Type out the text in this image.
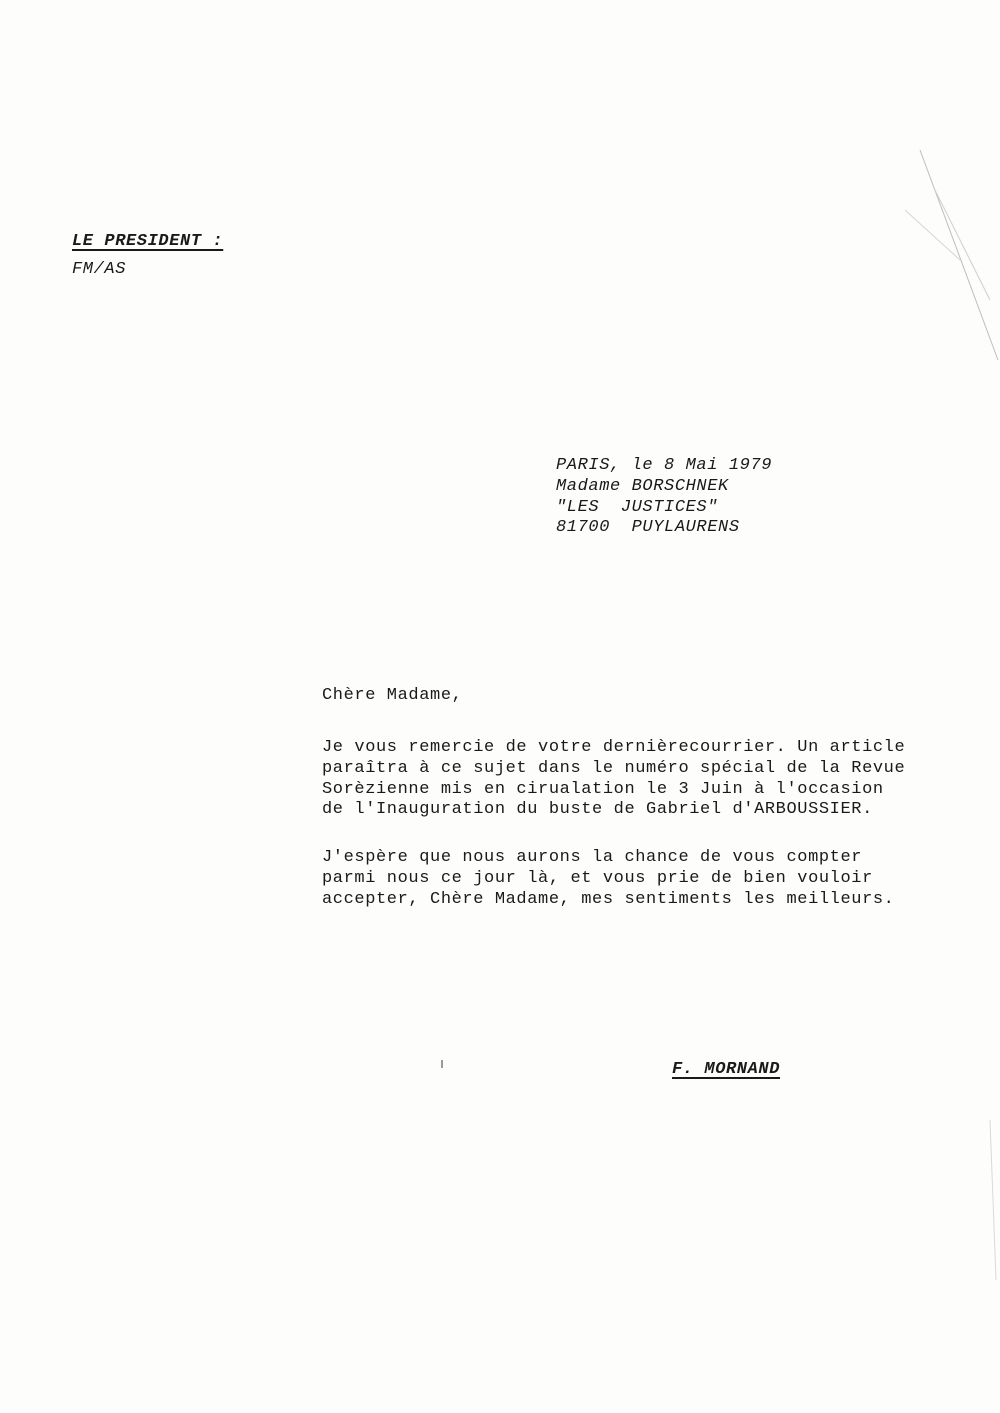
LE PRESIDENT :
FM/AS
PARIS, le 8 Mai 1979
Madame BORSCHNEK
"LES  JUSTICES"
81700  PUYLAURENS
Chère Madame,
Je vous remercie de votre dernièrecourrier. Un article
paraîtra à ce sujet dans le numéro spécial de la Revue
Sorèzienne mis en cirualation le 3 Juin à l'occasion
de l'Inauguration du buste de Gabriel d'ARBOUSSIER.
J'espère que nous aurons la chance de vous compter
parmi nous ce jour là, et vous prie de bien vouloir
accepter, Chère Madame, mes sentiments les meilleurs.
F. MORNAND
